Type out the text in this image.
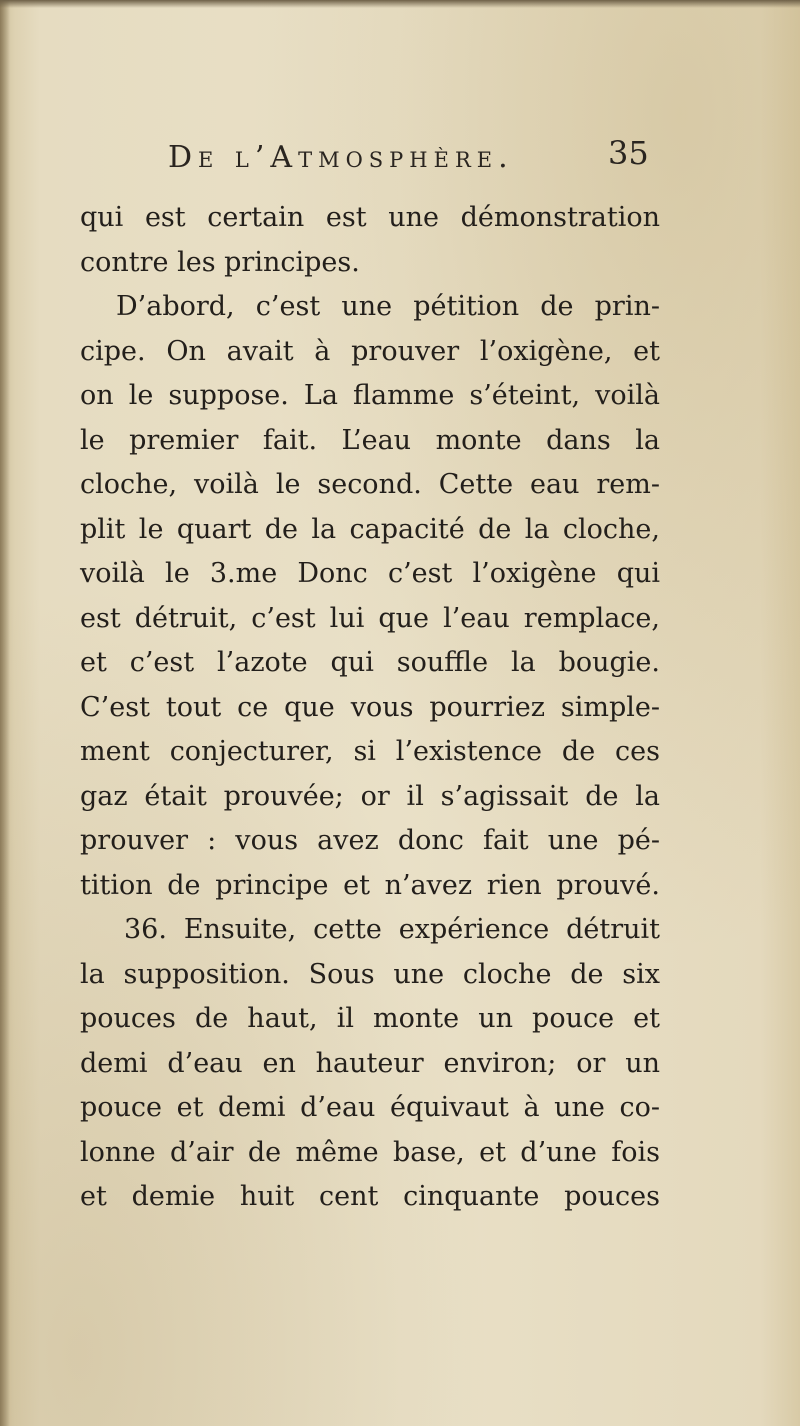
De l’Atmosphère.	35
qui est certain est une démonstration
contre les principes.
D’abord, c’est une pétition de prin-
cipe. On avait à prouver l’oxigène, et
on le suppose. La flamme s’éteint, voilà
le premier fait. L’eau monte dans la
cloche, voilà le second. Cette eau rem-
plit le quart de la capacité de la cloche,
voilà le 3.me Donc c’est l’oxigène qui
est détruit, c’est lui que l’eau remplace,
et c’est l’azote qui souffle la bougie.
C’est tout ce que vous pourriez simple-
ment conjecturer, si l’existence de ces
gaz était prouvée; or il s’agissait de la
prouver : vous avez donc fait une pé-
tition de principe et n’avez rien prouvé.
36. Ensuite, cette expérience détruit
la supposition. Sous une cloche de six
pouces de haut, il monte un pouce et
demi d’eau en hauteur environ; or un
pouce et demi d’eau équivaut à une co-
lonne d’air de même base, et d’une fois
et demie huit cent cinquante pouces
